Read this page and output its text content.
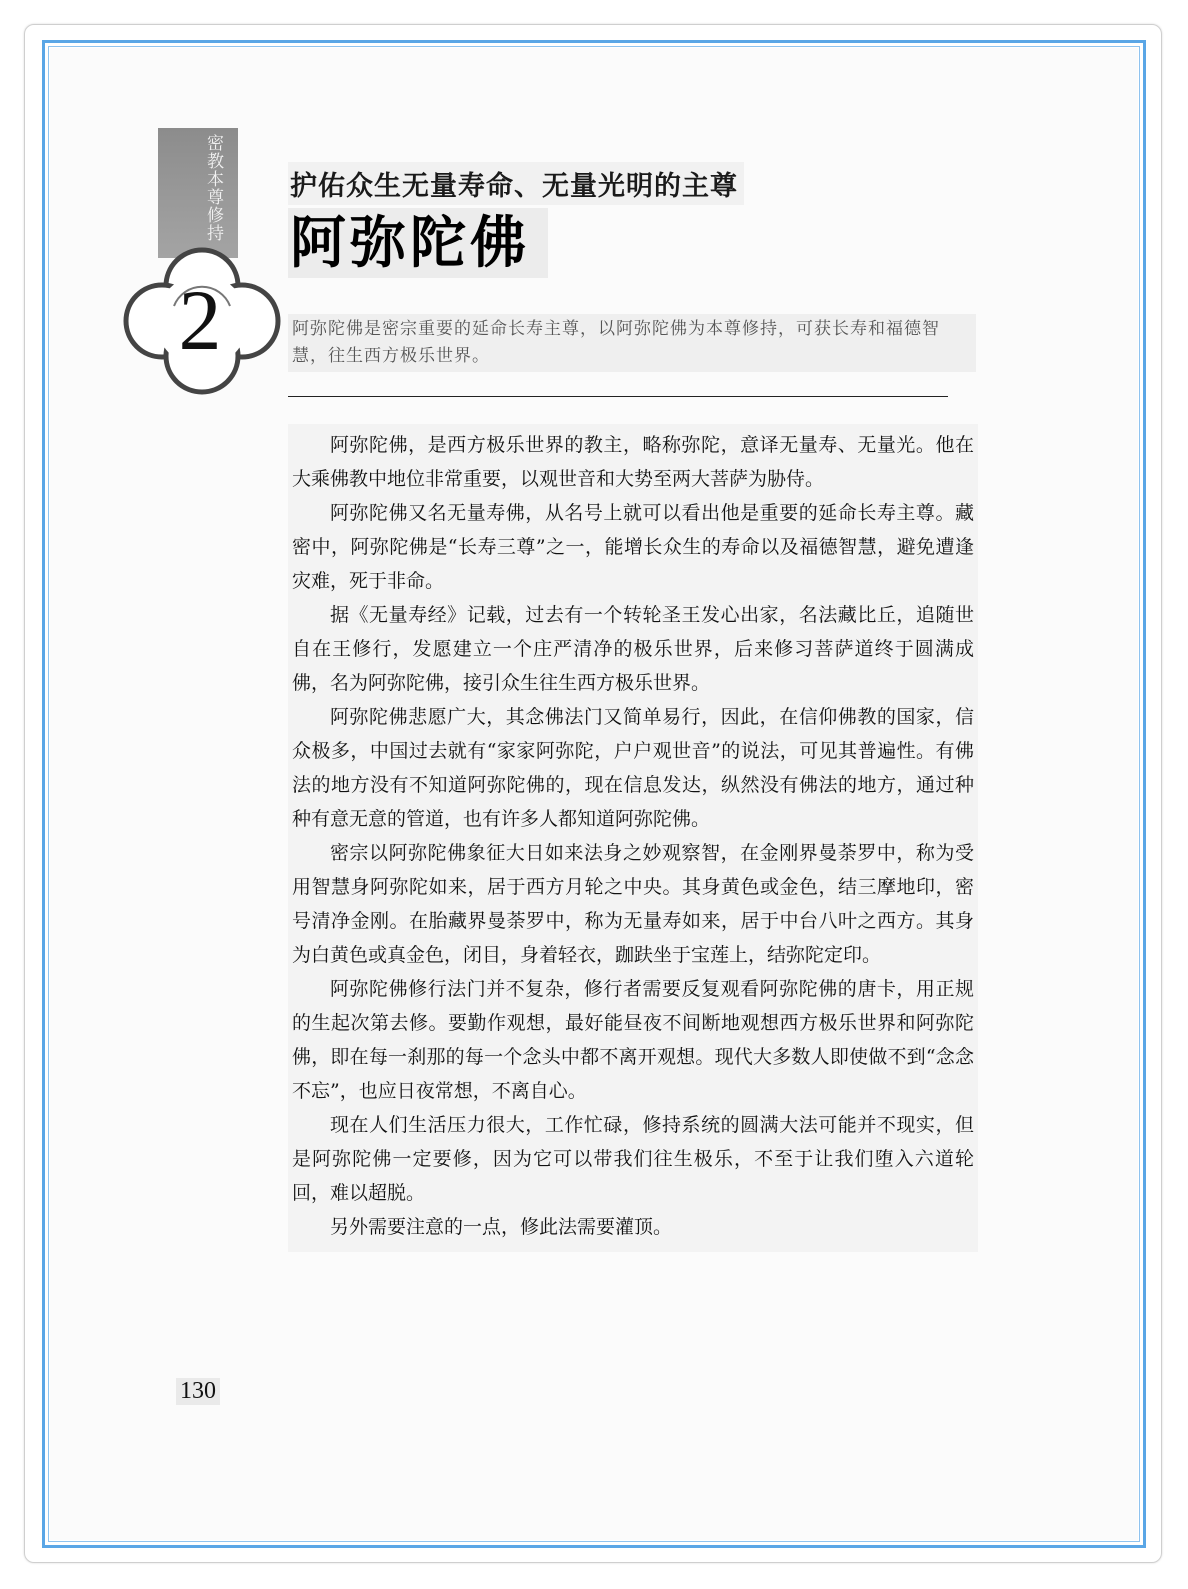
密教本尊修持
2
护佑众生无量寿命、无量光明的主尊
阿弥陀佛
阿弥陀佛是密宗重要的延命长寿主尊，以阿弥陀佛为本尊修持，可获长寿和福德智慧，往生西方极乐世界。

阿弥陀佛，是西方极乐世界的教主，略称弥陀，意译无量寿、无量光。他在大乘佛教中地位非常重要，以观世音和大势至两大菩萨为胁侍。

阿弥陀佛又名无量寿佛，从名号上就可以看出他是重要的延命长寿主尊。藏密中，阿弥陀佛是“长寿三尊”之一，能增长众生的寿命以及福德智慧，避免遭逢灾难，死于非命。

据《无量寿经》记载，过去有一个转轮圣王发心出家，名法藏比丘，追随世自在王修行，发愿建立一个庄严清净的极乐世界，后来修习菩萨道终于圆满成佛，名为阿弥陀佛，接引众生往生西方极乐世界。

阿弥陀佛悲愿广大，其念佛法门又简单易行，因此，在信仰佛教的国家，信众极多，中国过去就有“家家阿弥陀，户户观世音”的说法，可见其普遍性。有佛法的地方没有不知道阿弥陀佛的，现在信息发达，纵然没有佛法的地方，通过种种有意无意的管道，也有许多人都知道阿弥陀佛。

密宗以阿弥陀佛象征大日如来法身之妙观察智，在金刚界曼荼罗中，称为受用智慧身阿弥陀如来，居于西方月轮之中央。其身黄色或金色，结三摩地印，密号清净金刚。在胎藏界曼荼罗中，称为无量寿如来，居于中台八叶之西方。其身为白黄色或真金色，闭目，身着轻衣，跏趺坐于宝莲上，结弥陀定印。

阿弥陀佛修行法门并不复杂，修行者需要反复观看阿弥陀佛的唐卡，用正规的生起次第去修。要勤作观想，最好能昼夜不间断地观想西方极乐世界和阿弥陀佛，即在每一刹那的每一个念头中都不离开观想。现代大多数人即使做不到“念念不忘”，也应日夜常想，不离自心。

现在人们生活压力很大，工作忙碌，修持系统的圆满大法可能并不现实，但是阿弥陀佛一定要修，因为它可以带我们往生极乐，不至于让我们堕入六道轮回，难以超脱。

另外需要注意的一点，修此法需要灌顶。

130
